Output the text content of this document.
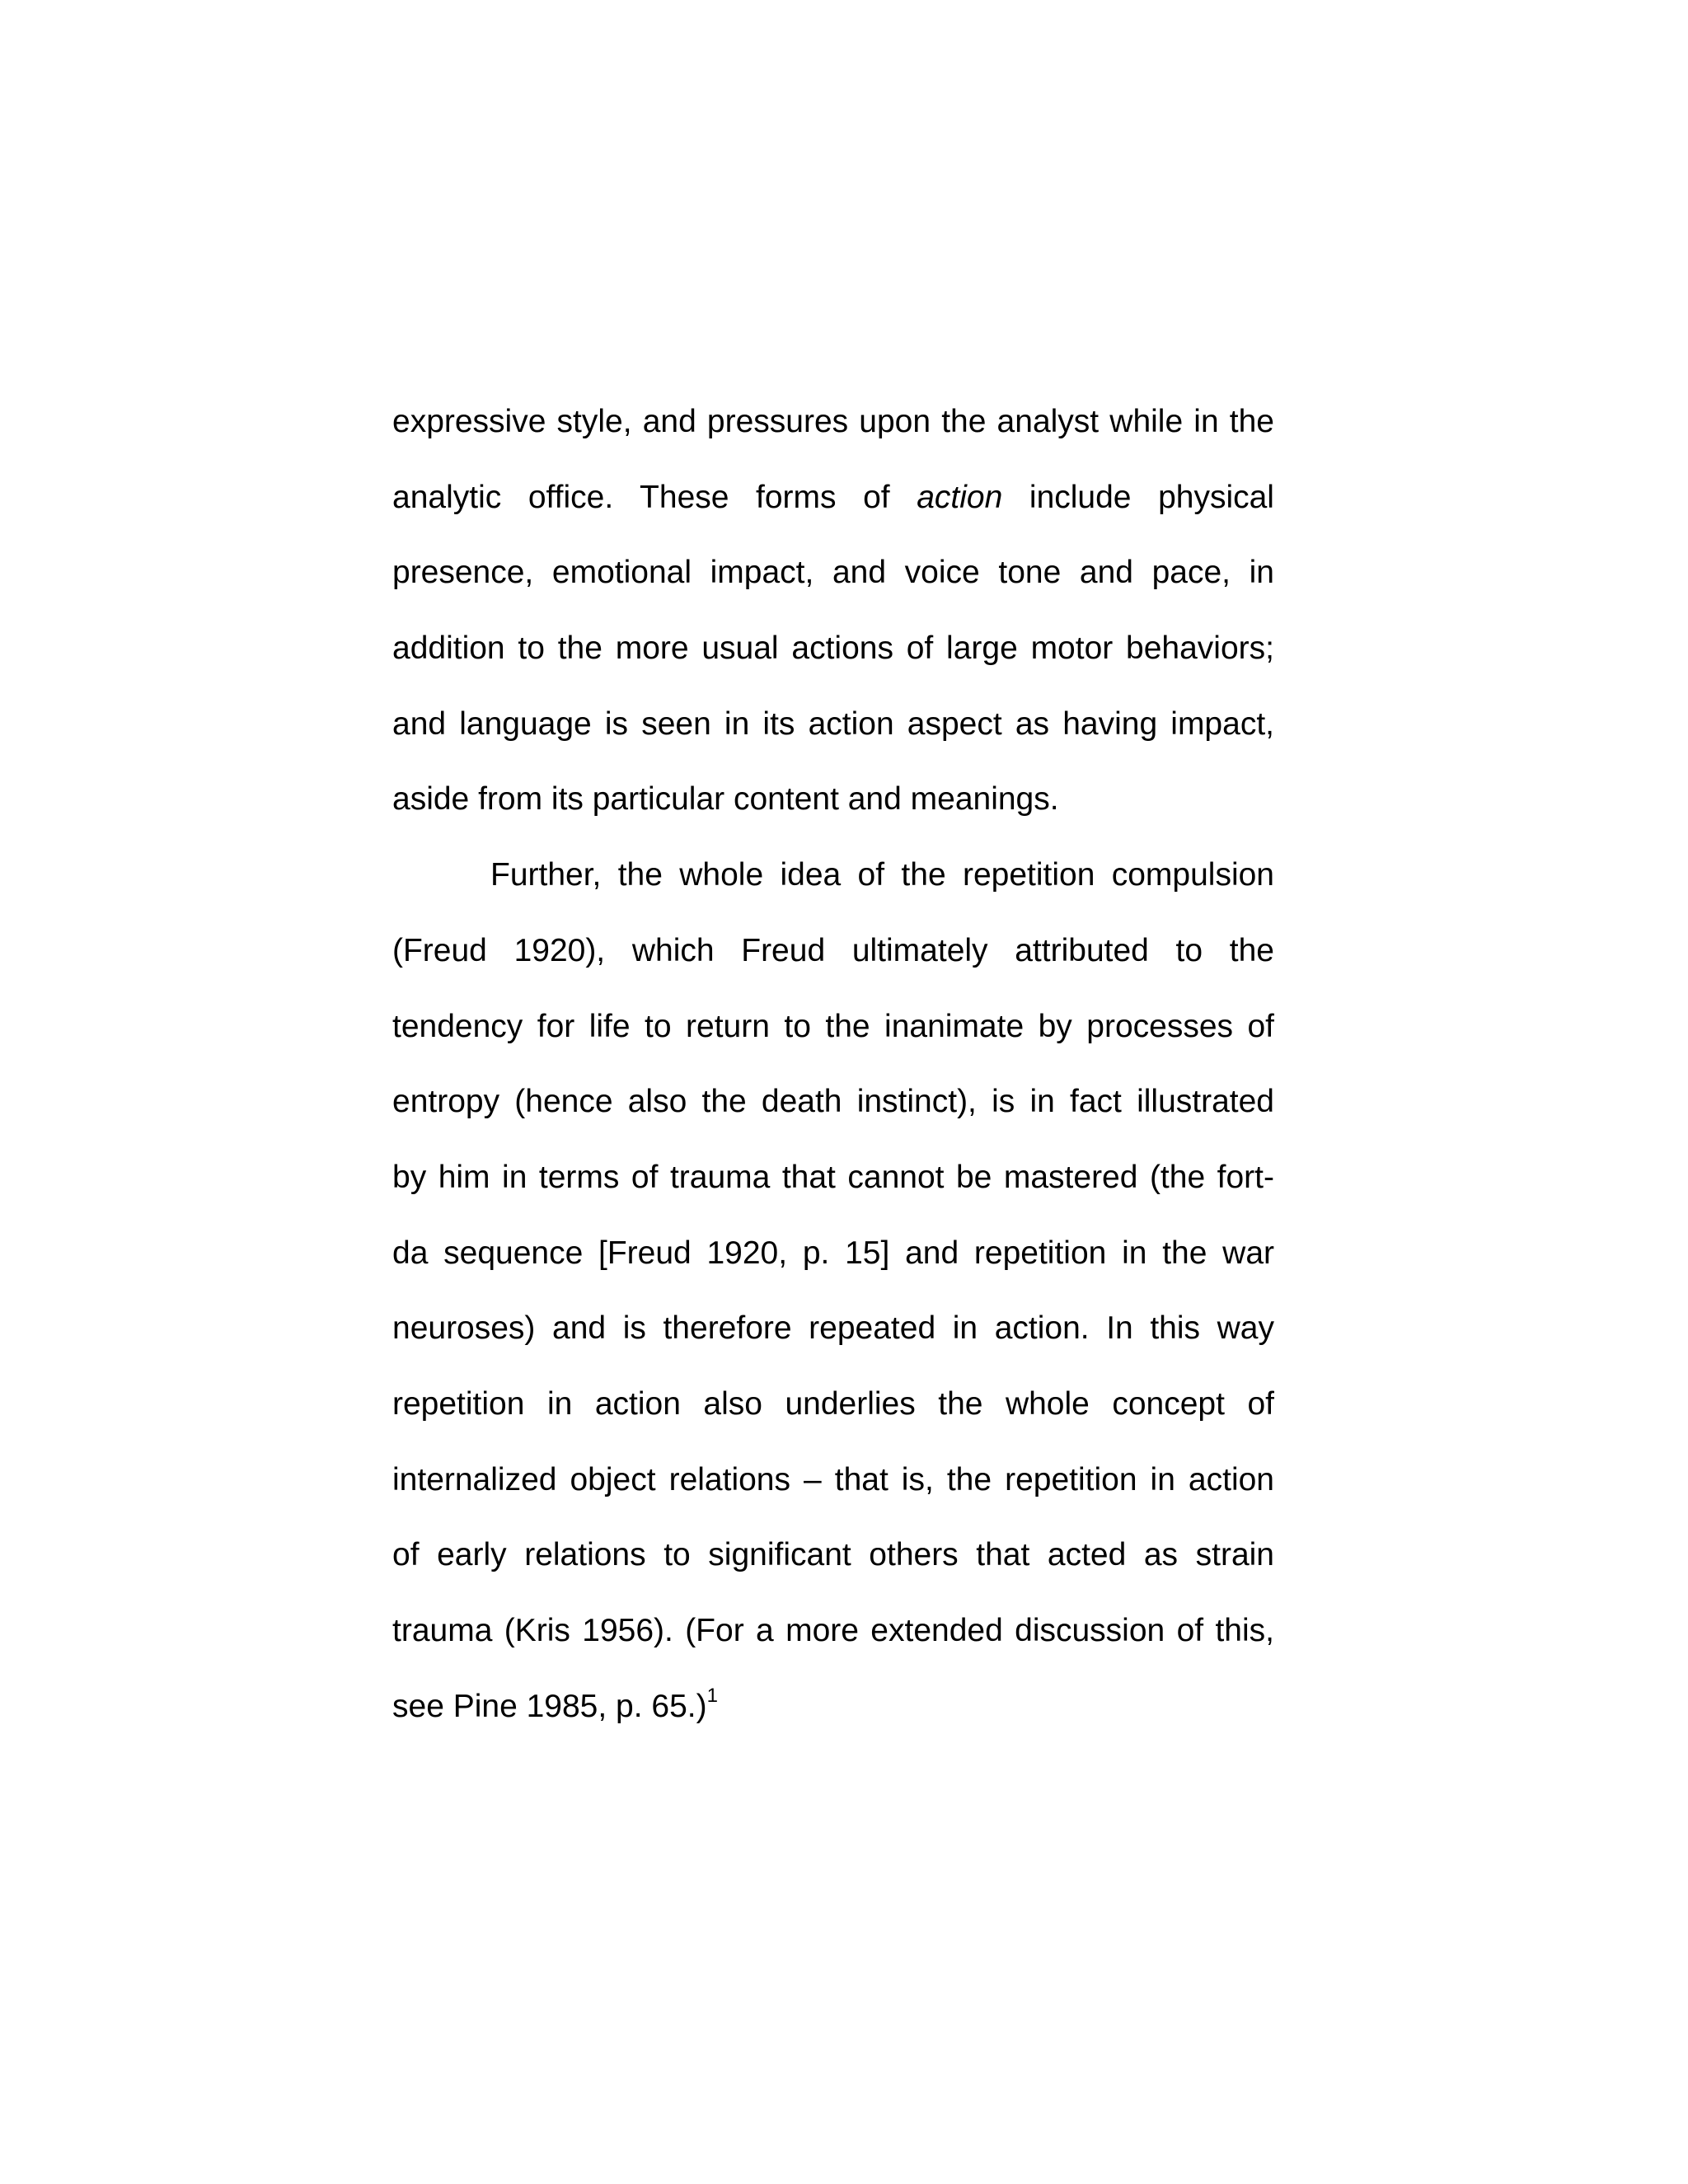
expressive style, and pressures upon the analyst while in the
analytic office. These forms of action include physical
presence, emotional impact, and voice tone and pace, in
addition to the more usual actions of large motor behaviors;
and language is seen in its action aspect as having impact,
aside from its particular content and meanings.
Further, the whole idea of the repetition compulsion
(Freud 1920), which Freud ultimately attributed to the
tendency for life to return to the inanimate by processes of
entropy (hence also the death instinct), is in fact illustrated
by him in terms of trauma that cannot be mastered (the fort-
da sequence [Freud 1920, p. 15] and repetition in the war
neuroses) and is therefore repeated in action. In this way
repetition in action also underlies the whole concept of
internalized object relations – that is, the repetition in action
of early relations to significant others that acted as strain
trauma (Kris 1956). (For a more extended discussion of this,
see Pine 1985, p. 65.)$^1$
